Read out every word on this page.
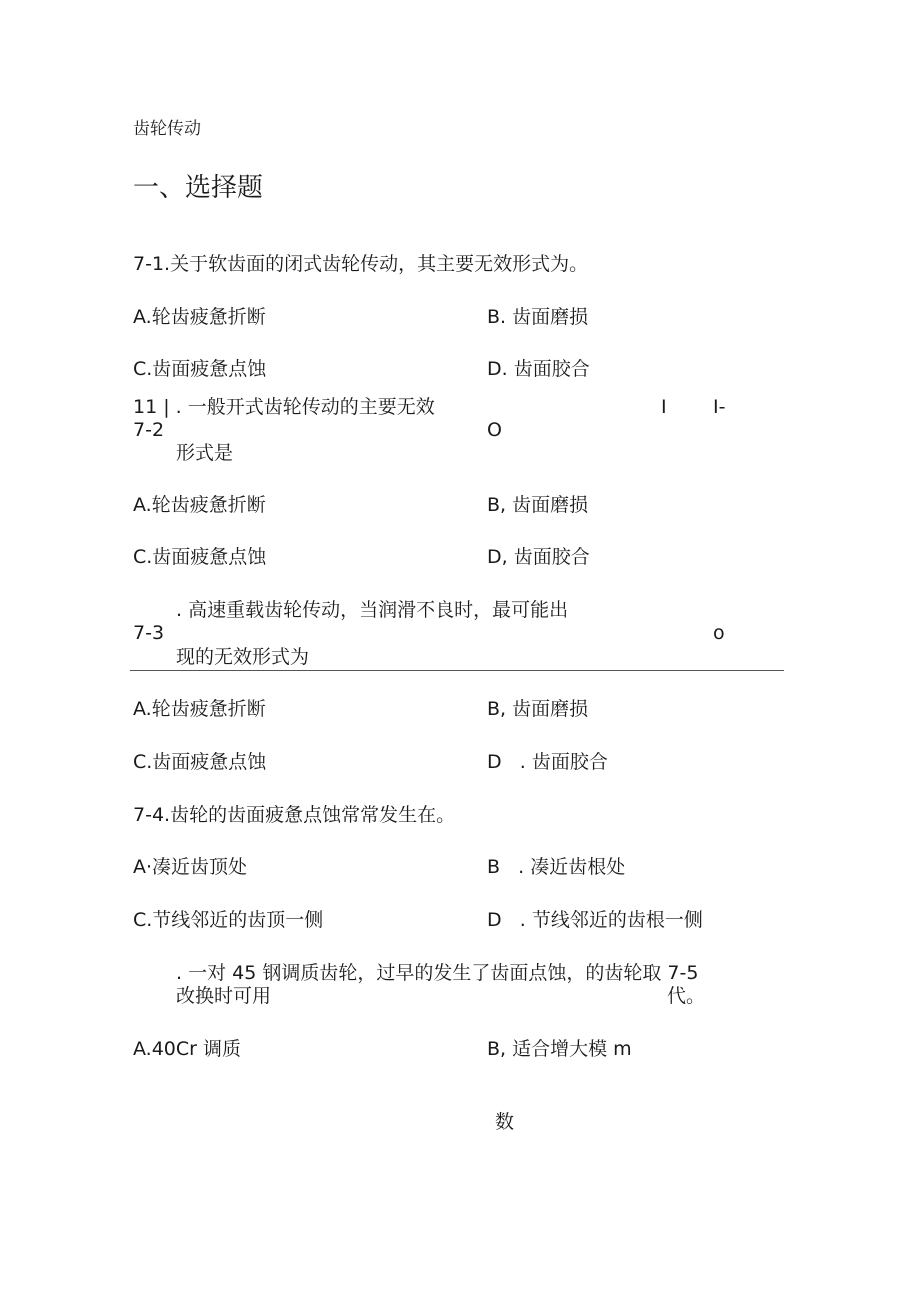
齿轮传动
一、选择题
7-1.关于软齿面的闭式齿轮传动，其主要无效形式为。
A.轮齿疲惫折断	B. 齿面磨损
C.齿面疲惫点蚀	D. 齿面胶合
11 | . 一般开式齿轮传动的主要无效
7-2
形式是
O
I I-
A.轮齿疲惫折断	B, 齿面磨损
C.齿面疲惫点蚀	D, 齿面胶合
. 高速重载齿轮传动，当润滑不良时，最可能出
7-3
现的无效形式为
o
A.轮齿疲惫折断	B, 齿面磨损
C.齿面疲惫点蚀	D   . 齿面胶合
7-4.齿轮的齿面疲惫点蚀常常发生在。
A·凑近齿顶处	B   . 凑近齿根处
C.节线邻近的齿顶一侧	D   . 节线邻近的齿根一侧
. 一对 45 钢调质齿轮，过早的发生了齿面点蚀，的齿轮取 7-5
改换时可用	代。
A.40Cr 调质	B, 适合增大模 m
数
